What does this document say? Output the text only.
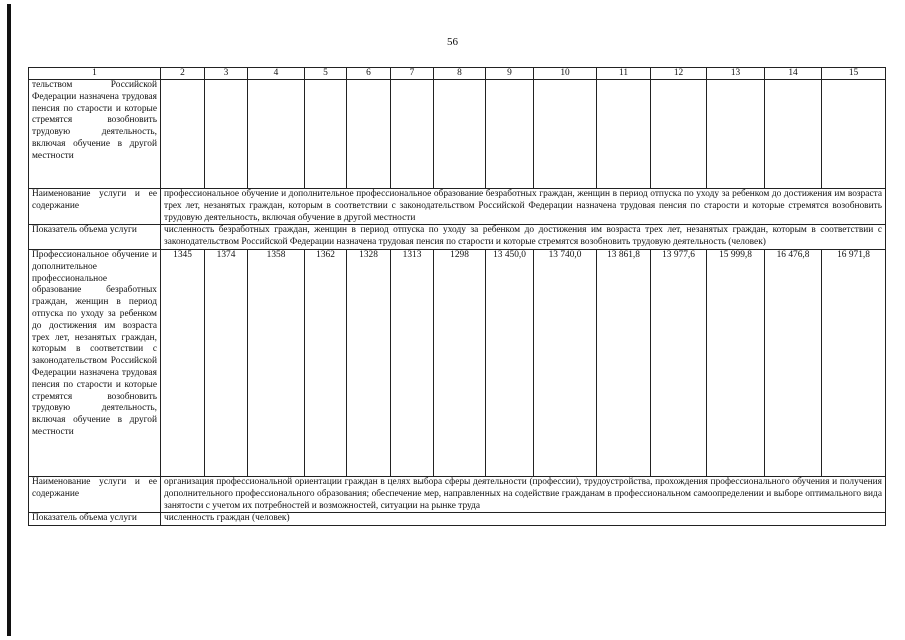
56
1	2	3	4	5	6	7	8	9	10	11	12	13	14	15
тельством Российской Федерации назначена трудовая пенсия по старости и которые стремятся возобновить трудовую деятельность, включая обучение в другой местности														
Наименование услуги и ее содержание	профессиональное обучение и дополнительное профессиональное образование безработных граждан, женщин в период отпуска по уходу за ребенком до достижения им возраста трех лет, незанятых граждан, которым в соответствии с законодательством Российской Федерации назначена трудовая пенсия по старости и которые стремятся возобновить трудовую деятельность, включая обучение в другой местности													
Показатель объема услуги	численность безработных граждан, женщин в период отпуска по уходу за ребенком до достижения им возраста трех лет, незанятых граждан, которым в соответствии с законодательством Российской Федерации назначена трудовая пенсия по старости и которые стремятся возобновить трудовую деятельность (человек)													
Профессиональное обучение и дополнительное профессиональное образование безработных граждан, женщин в период отпуска по уходу за ребенком до достижения им возраста трех лет, незанятых граждан, которым в соответствии с законодательством Российской Федерации назначена трудовая пенсия по старости и которые стремятся возобновить трудовую деятельность, включая обучение в другой местности	1345	1374	1358	1362	1328	1313	1298	13 450,0	13 740,0	13 861,8	13 977,6	15 999,8	16 476,8	16 971,8
Наименование услуги и ее содержание	организация профессиональной ориентации граждан в целях выбора сферы деятельности (профессии), трудоустройства, прохождения профессионального обучения и получения дополнительного профессионального образования; обеспечение мер, направленных на содействие гражданам в профессиональном самоопределении и выборе оптимального вида занятости с учетом их потребностей и возможностей, ситуации на рынке труда													
Показатель объема услуги	численность граждан (человек)													
